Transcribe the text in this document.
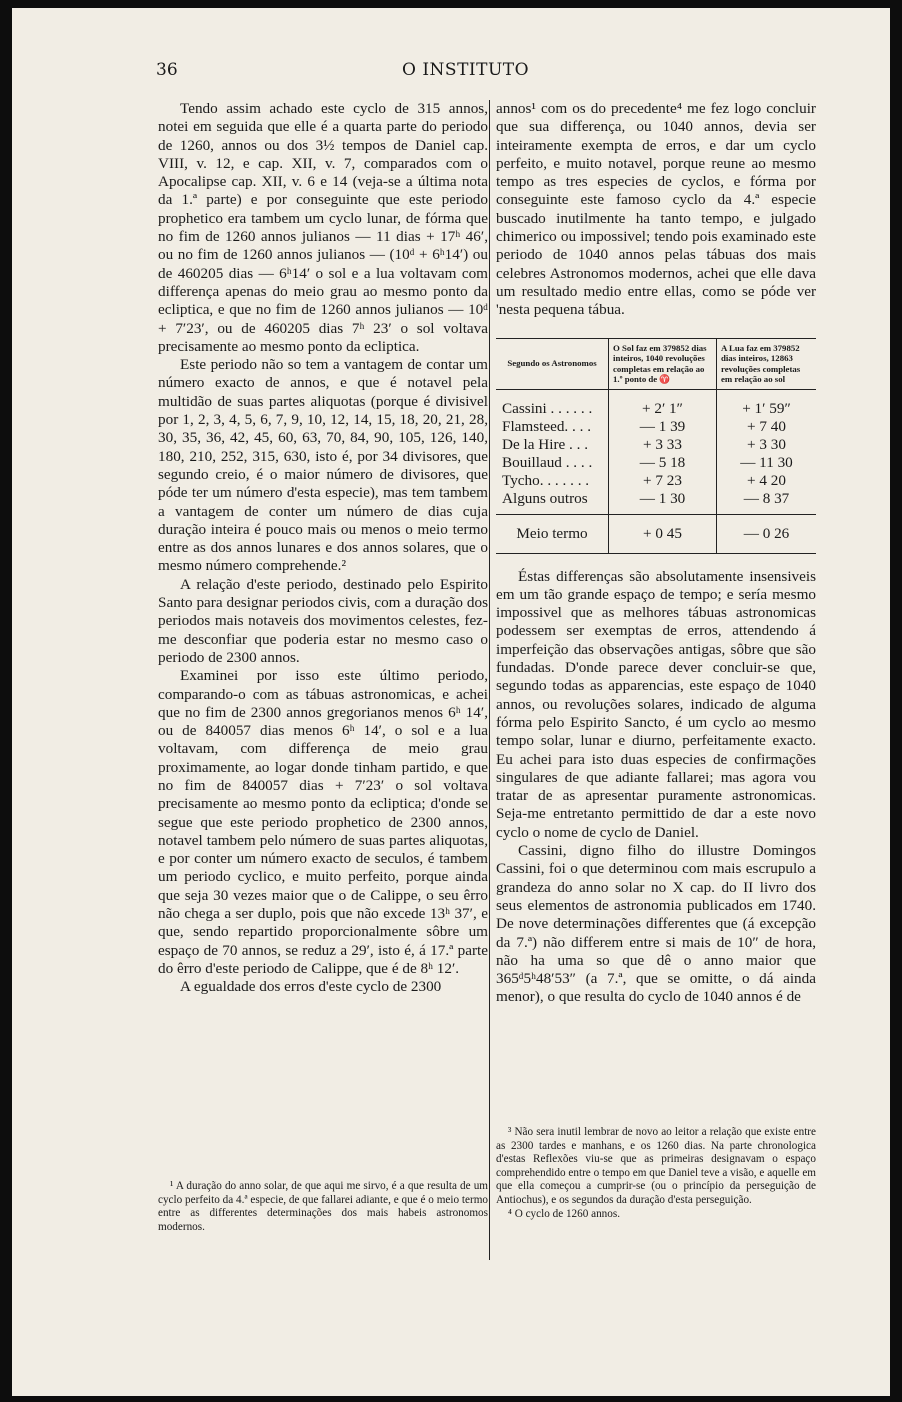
36	O INSTITUTO

Tendo assim achado este cyclo de 315 annos, notei em seguida que elle é a quarta parte do periodo de 1260, annos ou dos 3½ tempos de Daniel cap. VIII, v. 12, e cap. XII, v. 7, comparados com o Apocalipse cap. XII, v. 6 e 14 (veja-se a última nota da 1.ª parte) e por conseguinte que este periodo prophetico era tambem um cyclo lunar, de fórma que no fim de 1260 annos julianos — 11 dias + 17ʰ 46′, ou no fim de 1260 annos julianos — (10ᵈ + 6ʰ14′) ou de 460205 dias — 6ʰ14′ o sol e a lua voltavam com differença apenas do meio grau ao mesmo ponto da ecliptica, e que no fim de 1260 annos julianos — 10ᵈ + 7′23′, ou de 460205 dias 7ʰ 23′ o sol voltava precisamente ao mesmo ponto da ecliptica.

Este periodo não so tem a vantagem de contar um número exacto de annos, e que é notavel pela multidão de suas partes aliquotas (porque é divisivel por 1, 2, 3, 4, 5, 6, 7, 9, 10, 12, 14, 15, 18, 20, 21, 28, 30, 35, 36, 42, 45, 60, 63, 70, 84, 90, 105, 126, 140, 180, 210, 252, 315, 630, isto é, por 34 divisores, que segundo creio, é o maior número de divisores, que póde ter um número d'esta especie), mas tem tambem a vantagem de conter um número de dias cuja duração inteira é pouco mais ou menos o meio termo entre as dos annos lunares e dos annos solares, que o mesmo número comprehende.²

A relação d'este periodo, destinado pelo Espirito Santo para designar periodos civis, com a duração dos periodos mais notaveis dos movimentos celestes, fez-me desconfiar que poderia estar no mesmo caso o periodo de 2300 annos.

Examinei por isso este último periodo, comparando-o com as tábuas astronomicas, e achei que no fim de 2300 annos gregorianos menos 6ʰ 14′, ou de 840057 dias menos 6ʰ 14′, o sol e a lua voltavam, com differença de meio grau proximamente, ao logar donde tinham partido, e que no fim de 840057 dias + 7′23′ o sol voltava precisamente ao mesmo ponto da ecliptica; d'onde se segue que este periodo prophetico de 2300 annos, notavel tambem pelo número de suas partes aliquotas, e por conter um número exacto de seculos, é tambem um periodo cyclico, e muito perfeito, porque ainda que seja 30 vezes maior que o de Calippe, o seu êrro não chega a ser duplo, pois que não excede 13ʰ 37′, e que, sendo repartido proporcionalmente sôbre um espaço de 70 annos, se reduz a 29′, isto é, á 17.ª parte do êrro d'este periodo de Calippe, que é de 8ʰ 12′.

A egualdade dos erros d'este cyclo de 2300

annos¹ com os do precedente⁴ me fez logo concluir que sua differença, ou 1040 annos, devia ser inteiramente exempta de erros, e dar um cyclo perfeito, e muito notavel, porque reune ao mesmo tempo as tres especies de cyclos, e fórma por conseguinte este famoso cyclo da 4.ª especie buscado inutilmente ha tanto tempo, e julgado chimerico ou impossivel; tendo pois examinado este periodo de 1040 annos pelas tábuas dos mais celebres Astronomos modernos, achei que elle dava um resultado medio entre ellas, como se póde ver 'nesta pequena tábua.

Segundo os Astronomos	O Sol faz em 379852 dias inteiros, 1040 revoluções completas em relação ao 1.º ponto de ♈	A Lua faz em 379852 dias inteiros, 12863 revoluções completas em relação ao sol
Cassini . . . . . .	+ 2′ 1″	+ 1′ 59″
Flamsteed. . . .	— 1 39	+ 7 40
De la Hire . . .	+ 3 33	+ 3 30
Bouillaud . . . .	— 5 18	— 11 30
Tycho. . . . . . .	+ 7 23	+ 4 20
Alguns outros	— 1 30	— 8 37
Meio termo	+ 0 45	— 0 26

Éstas differenças são absolutamente insensiveis em um tão grande espaço de tempo; e sería mesmo impossivel que as melhores tábuas astronomicas podessem ser exemptas de erros, attendendo á imperfeição das observações antigas, sôbre que são fundadas. D'onde parece dever concluir-se que, segundo todas as apparencias, este espaço de 1040 annos, ou revoluções solares, indicado de alguma fórma pelo Espirito Sancto, é um cyclo ao mesmo tempo solar, lunar e diurno, perfeitamente exacto. Eu achei para isto duas especies de confirmações singulares de que adiante fallarei; mas agora vou tratar de as apresentar puramente astronomicas. Seja-me entretanto permittido de dar a este novo cyclo o nome de cyclo de Daniel.

Cassini, digno filho do illustre Domingos Cassini, foi o que determinou com mais escrupulo a grandeza do anno solar no X cap. do II livro dos seus elementos de astronomia publicados em 1740. De nove determinações differentes que (á excepção da 7.ª) não differem entre si mais de 10″ de hora, não ha uma so que dê o anno maior que 365ᵈ5ʰ48′53″ (a 7.ª, que se omitte, o dá ainda menor), o que resulta do cyclo de 1040 annos é de

¹ A duração do anno solar, de que aqui me sirvo, é a que resulta de um cyclo perfeito da 4.ª especie, de que fallarei adiante, e que é o meio termo entre as differentes determinações dos mais habeis astronomos modernos.

³ Não sera inutil lembrar de novo ao leitor a relação que existe entre as 2300 tardes e manhans, e os 1260 dias. Na parte chronologica d'estas Reflexões viu-se que as primeiras designavam o espaço comprehendido entre o tempo em que Daniel teve a visão, e aquelle em que ella começou a cumprir-se (ou o princípio da perseguição de Antiochus), e os segundos da duração d'esta perseguição.

⁴ O cyclo de 1260 annos.
